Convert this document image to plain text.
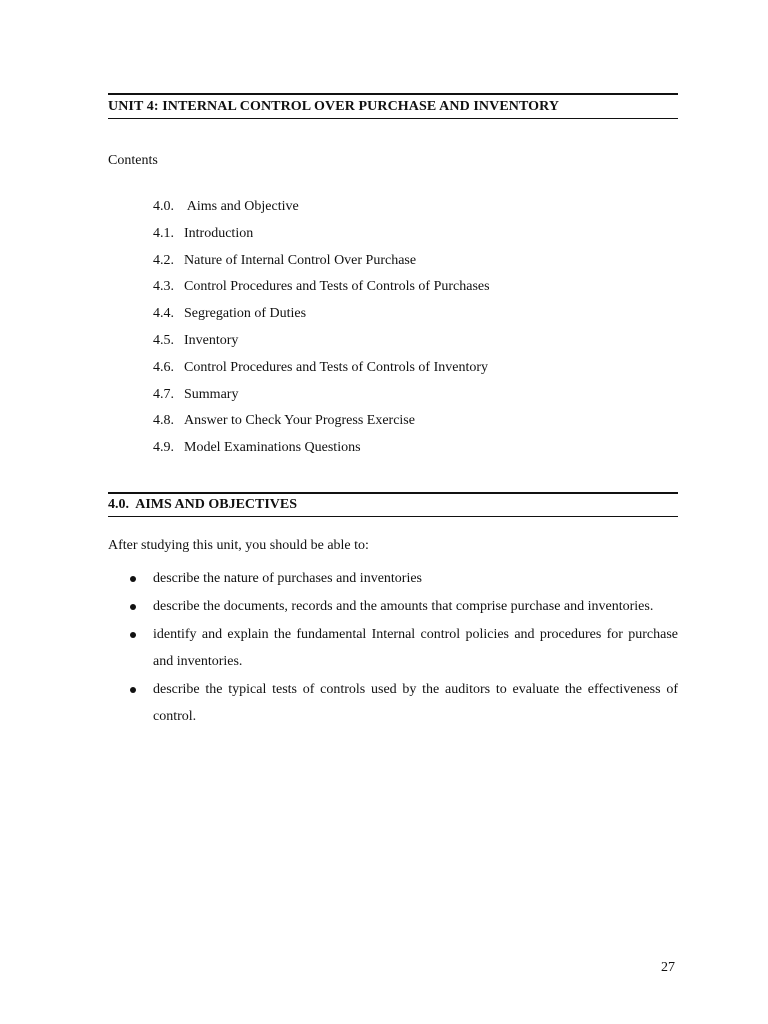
UNIT 4: INTERNAL CONTROL OVER PURCHASE AND INVENTORY
Contents
4.0. Aims and Objective
4.1. Introduction
4.2. Nature of Internal Control Over Purchase
4.3. Control Procedures and Tests of Controls of Purchases
4.4. Segregation of Duties
4.5. Inventory
4.6. Control Procedures and Tests of Controls of Inventory
4.7. Summary
4.8. Answer to Check Your Progress Exercise
4.9. Model Examinations Questions
4.0.  AIMS AND OBJECTIVES
After studying this unit, you should be able to:
describe the nature of purchases and inventories
describe the documents, records and the amounts that comprise purchase and inventories.
identify and explain the fundamental Internal control policies and procedures for purchase and inventories.
describe the typical tests of controls used by the auditors to evaluate the effectiveness of control.
27
